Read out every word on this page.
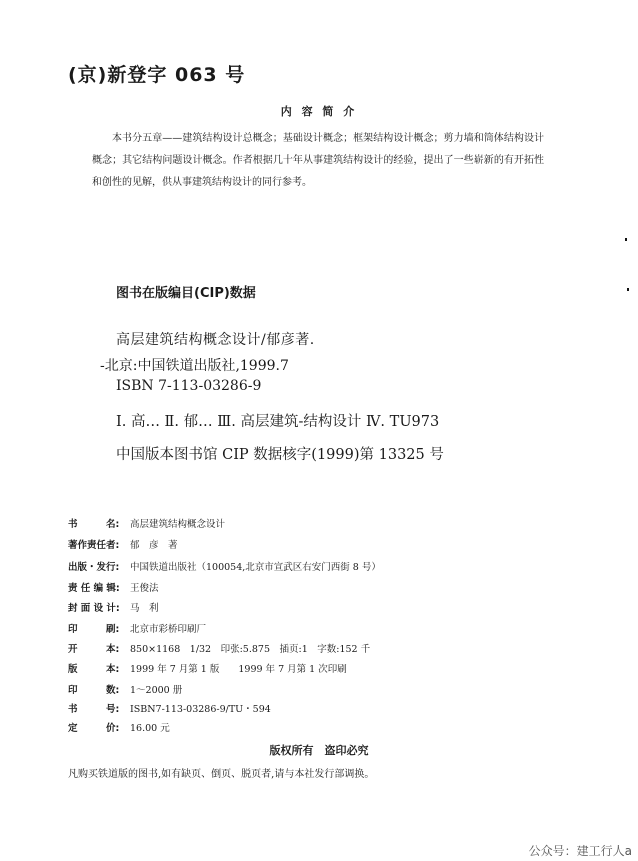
(京)新登字 063 号
内 容 简 介

本书分五章——建筑结构设计总概念；基础设计概念；框架结构设计概念；剪力墙和筒体结构设计概念；其它结构问题设计概念。作者根据几十年从事建筑结构设计的经验，提出了一些崭新的有开拓性和创性的见解，供从事建筑结构设计的同行参考。

图书在版编目(CIP)数据
高层建筑结构概念设计/郁彦著.
-北京:中国铁道出版社,1999.7
ISBN 7-113-03286-9
Ⅰ. 高… Ⅱ. 郁… Ⅲ. 高层建筑-结构设计 Ⅳ. TU973
中国版本图书馆 CIP 数据核字(1999)第 13325 号
书　　　名: 高层建筑结构概念设计
著作责任者: 郁　彦　著
出版・发行: 中国铁道出版社（100054,北京市宣武区右安门西街 8 号）
责 任 编 辑: 王俊法
封 面 设 计: 马　利
印　　　刷: 北京市彩桥印刷厂
开　　　本: 850×1168　1/32　印张:5.875　插页:1　字数:152 千
版　　　本: 1999 年 7 月第 1 版　　1999 年 7 月第 1 次印刷
印　　　数: 1～2000 册
书　　　号: ISBN7-113-03286-9/TU・594
定　　　价: 16.00 元
版权所有　盗印必究
凡购买铁道版的图书,如有缺页、倒页、脱页者,请与本社发行部调换。
公众号：建工行人a
